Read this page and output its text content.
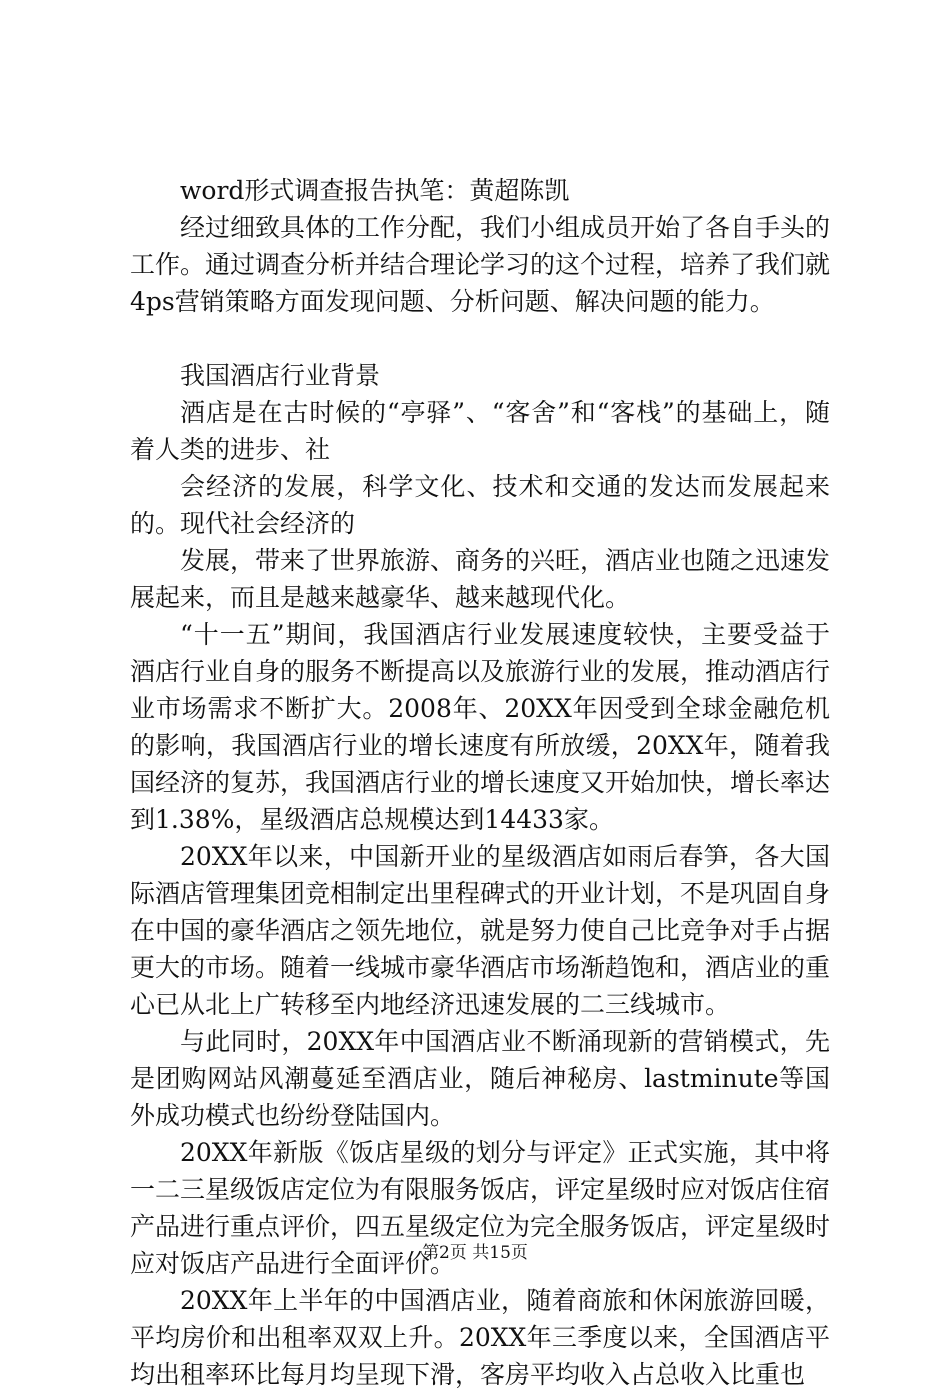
word形式调查报告执笔：黄超陈凯

经过细致具体的工作分配，我们小组成员开始了各自手头的工作。通过调查分析并结合理论学习的这个过程，培养了我们就4ps营销策略方面发现问题、分析问题、解决问题的能力。

我国酒店行业背景

酒店是在古时候的“亭驿”、“客舍”和“客栈”的基础上，随着人类的进步、社

会经济的发展，科学文化、技术和交通的发达而发展起来的。现代社会经济的

发展，带来了世界旅游、商务的兴旺，酒店业也随之迅速发展起来，而且是越来越豪华、越来越现代化。

“十一五”期间，我国酒店行业发展速度较快，主要受益于酒店行业自身的服务不断提高以及旅游行业的发展，推动酒店行业市场需求不断扩大。2008年、20XX年因受到全球金融危机的影响，我国酒店行业的增长速度有所放缓，20XX年，随着我国经济的复苏，我国酒店行业的增长速度又开始加快，增长率达到1.38%，星级酒店总规模达到14433家。

20XX年以来，中国新开业的星级酒店如雨后春笋，各大国际酒店管理集团竞相制定出里程碑式的开业计划，不是巩固自身在中国的豪华酒店之领先地位，就是努力使自己比竞争对手占据更大的市场。随着一线城市豪华酒店市场渐趋饱和，酒店业的重心已从北上广转移至内地经济迅速发展的二三线城市。

与此同时，20XX年中国酒店业不断涌现新的营销模式，先是团购网站风潮蔓延至酒店业，随后神秘房、lastminute等国外成功模式也纷纷登陆国内。

20XX年新版《饭店星级的划分与评定》正式实施，其中将一二三星级饭店定位为有限服务饭店，评定星级时应对饭店住宿产品进行重点评价，四五星级定位为完全服务饭店，评定星级时应对饭店产品进行全面评价。

20XX年上半年的中国酒店业，随着商旅和休闲旅游回暖，平均房价和出租率双双上升。20XX年三季度以来，全国酒店平均出租率环比每月均呈现下滑，客房平均收入占总收入比重也

第2页 共15页
